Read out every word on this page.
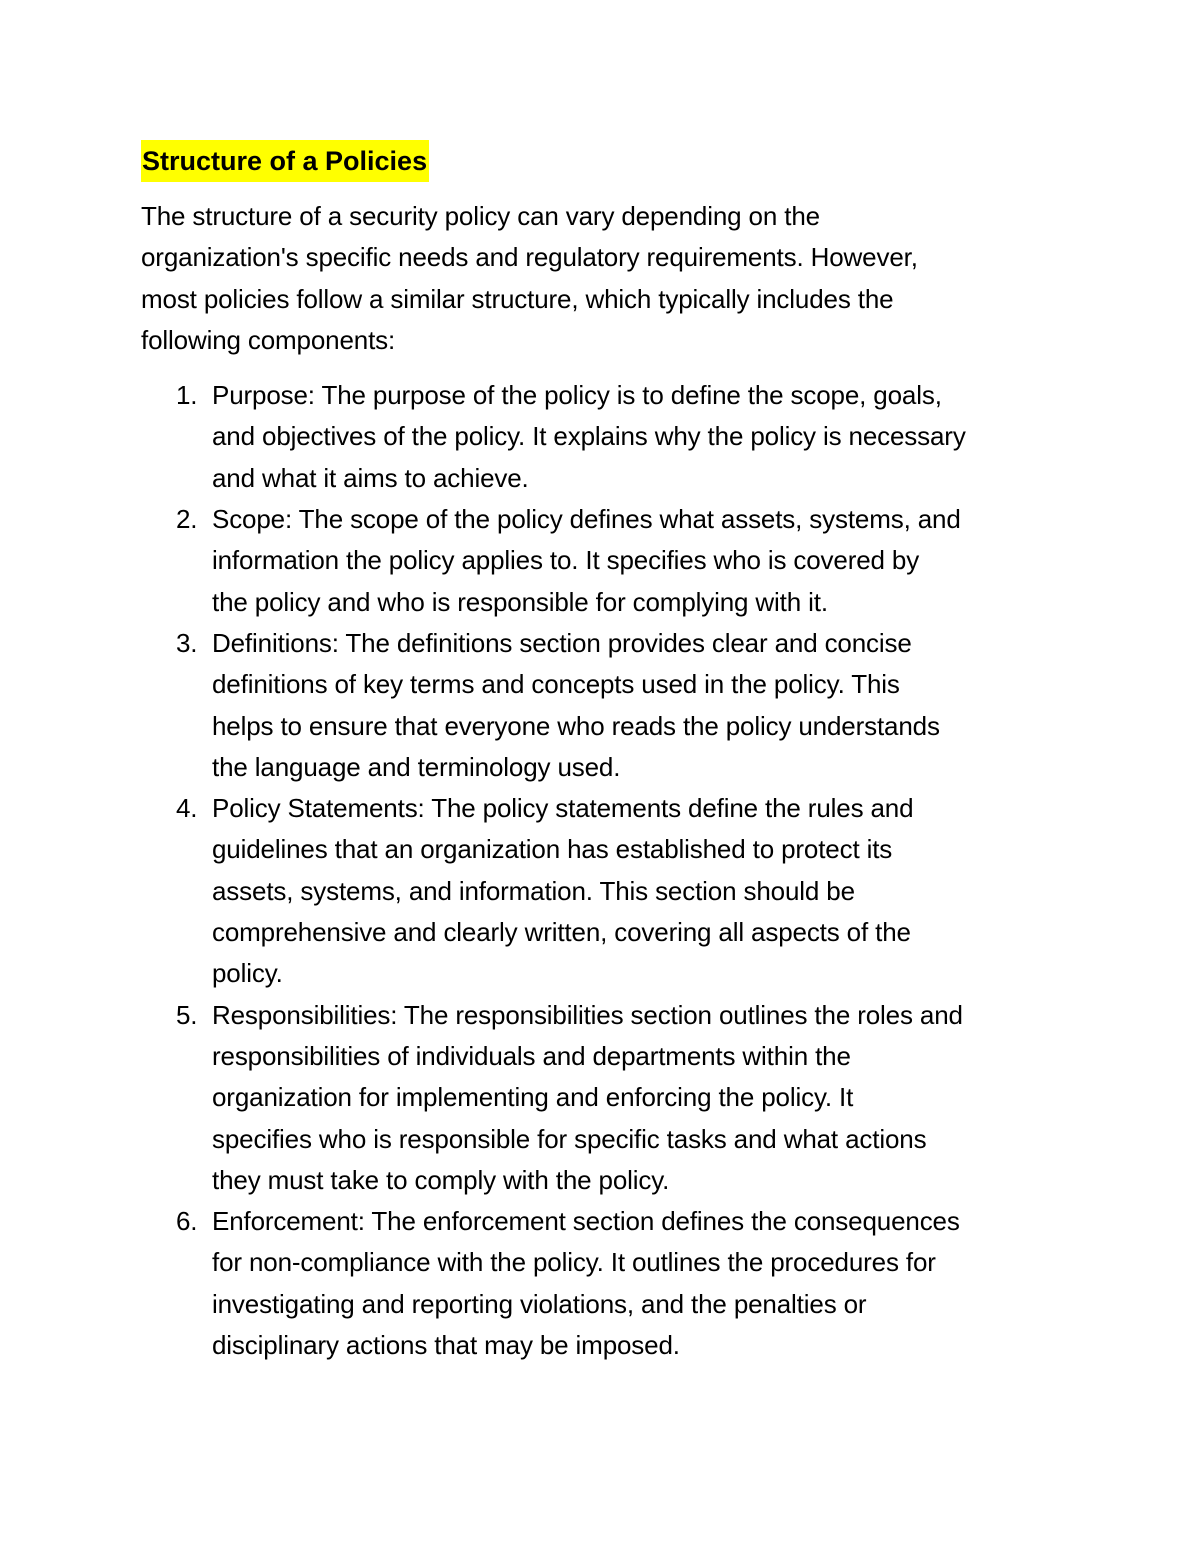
Structure of a Policies
The structure of a security policy can vary depending on the
organization's specific needs and regulatory requirements. However,
most policies follow a similar structure, which typically includes the
following components:
1. Purpose: The purpose of the policy is to define the scope, goals,
and objectives of the policy. It explains why the policy is necessary
and what it aims to achieve.
2. Scope: The scope of the policy defines what assets, systems, and
information the policy applies to. It specifies who is covered by
the policy and who is responsible for complying with it.
3. Definitions: The definitions section provides clear and concise
definitions of key terms and concepts used in the policy. This
helps to ensure that everyone who reads the policy understands
the language and terminology used.
4. Policy Statements: The policy statements define the rules and
guidelines that an organization has established to protect its
assets, systems, and information. This section should be
comprehensive and clearly written, covering all aspects of the
policy.
5. Responsibilities: The responsibilities section outlines the roles and
responsibilities of individuals and departments within the
organization for implementing and enforcing the policy. It
specifies who is responsible for specific tasks and what actions
they must take to comply with the policy.
6. Enforcement: The enforcement section defines the consequences
for non-compliance with the policy. It outlines the procedures for
investigating and reporting violations, and the penalties or
disciplinary actions that may be imposed.
